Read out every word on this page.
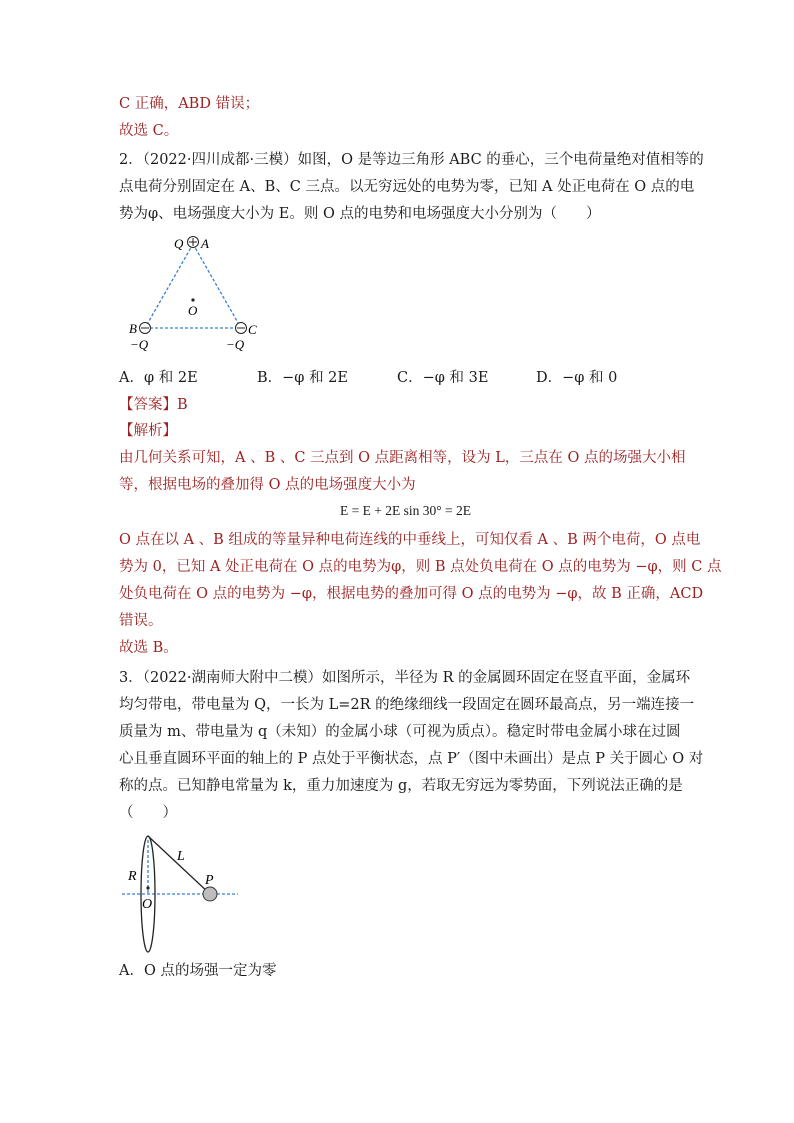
C 正确，ABD 错误；
故选 C。
2．（2022·四川成都·三模）如图，O 是等边三角形 ABC 的垂心，三个电荷量绝对值相等的
点电荷分别固定在 A、B、C 三点。以无穷远处的电势为零，已知 A 处正电荷在 O 点的电
势为φ、电场强度大小为 E。则 O 点的电势和电场强度大小分别为（　　）
Q A
O
B	C
−Q	−Q
A．φ 和 2E	B．−φ 和 2E	C．−φ 和 3E	D．−φ 和 0
【答案】B
【解析】
由几何关系可知，A 、B 、C 三点到 O 点距离相等，设为 L，三点在 O 点的场强大小相
等，根据电场的叠加得 O 点的电场强度大小为
E = E + 2E sin 30° = 2E
O 点在以 A 、B 组成的等量异种电荷连线的中垂线上，可知仅看 A 、B 两个电荷，O 点电
势为 0，已知 A 处正电荷在 O 点的电势为φ，则 B 点处负电荷在 O 点的电势为 −φ，则 C 点
处负电荷在 O 点的电势为 −φ，根据电势的叠加可得 O 点的电势为 −φ，故 B 正确，ACD
错误。
故选 B。
3．（2022·湖南师大附中二模）如图所示，半径为 R 的金属圆环固定在竖直平面，金属环
均匀带电，带电量为 Q，一长为 L=2R 的绝缘细线一段固定在圆环最高点，另一端连接一
质量为 m、带电量为 q（未知）的金属小球（可视为质点）。稳定时带电金属小球在过圆
心且垂直圆环平面的轴上的 P 点处于平衡状态，点 P′（图中未画出）是点 P 关于圆心 O 对
称的点。已知静电常量为 k，重力加速度为 g，若取无穷远为零势面，下列说法正确的是
（　　）
L
R
O
P
A．O 点的场强一定为零
